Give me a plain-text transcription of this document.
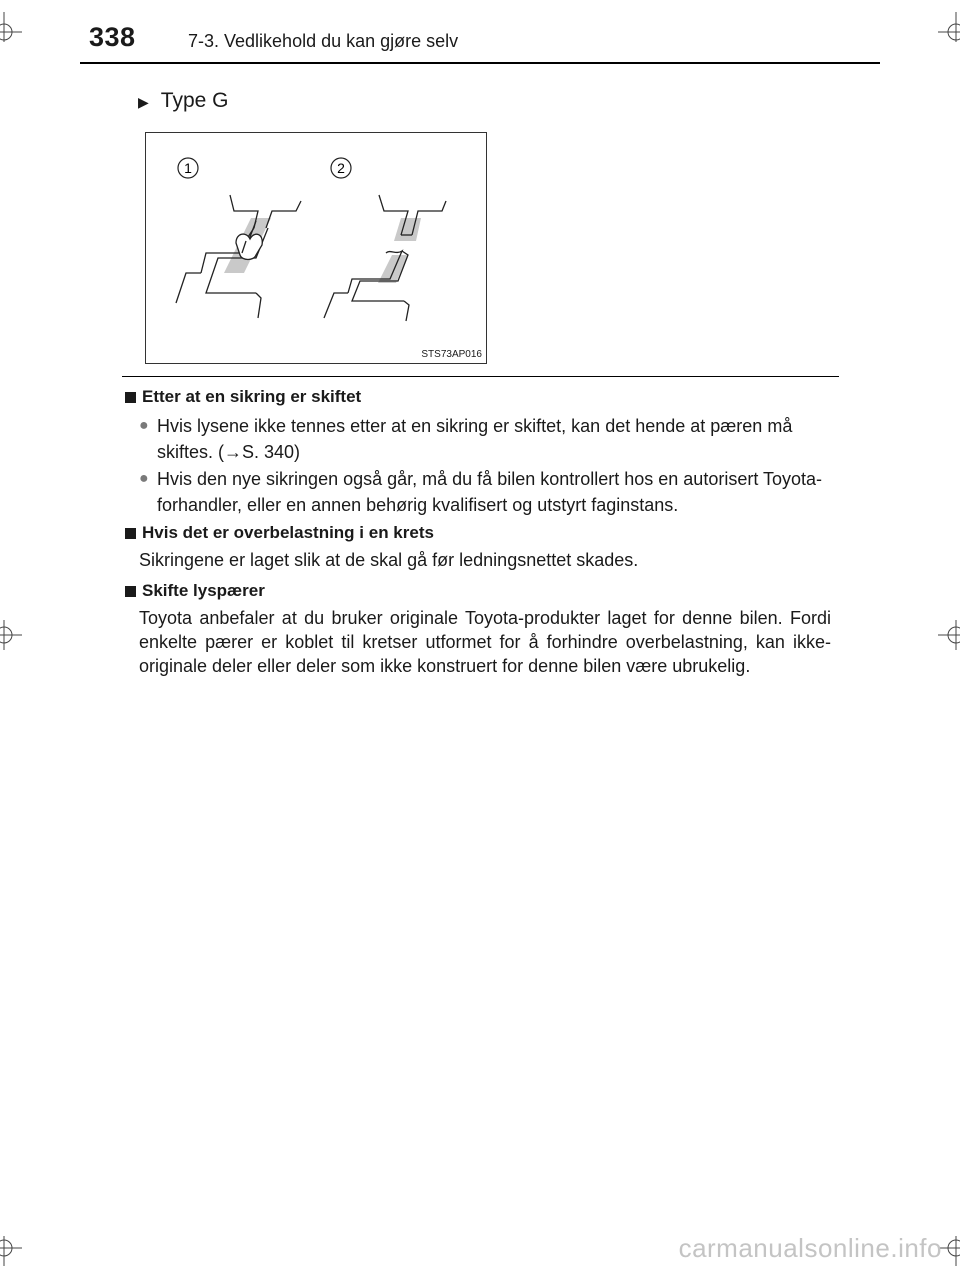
338	7-3. Vedlikehold du kan gjøre selv
▶ Type G
1	2
STS73AP016
Etter at en sikring er skiftet
● Hvis lysene ikke tennes etter at en sikring er skiftet, kan det hende at pæren må skiftes. (→S. 340)
● Hvis den nye sikringen også går, må du få bilen kontrollert hos en autorisert Toyota-forhandler, eller en annen behørig kvalifisert og utstyrt faginstans.
Hvis det er overbelastning i en krets
Sikringene er laget slik at de skal gå før ledningsnettet skades.
Skifte lyspærer
Toyota anbefaler at du bruker originale Toyota-produkter laget for denne bilen. Fordi enkelte pærer er koblet til kretser utformet for å forhindre overbelastning, kan ikke-originale deler eller deler som ikke konstruert for denne bilen være ubrukelig.
carmanualsonline.info
